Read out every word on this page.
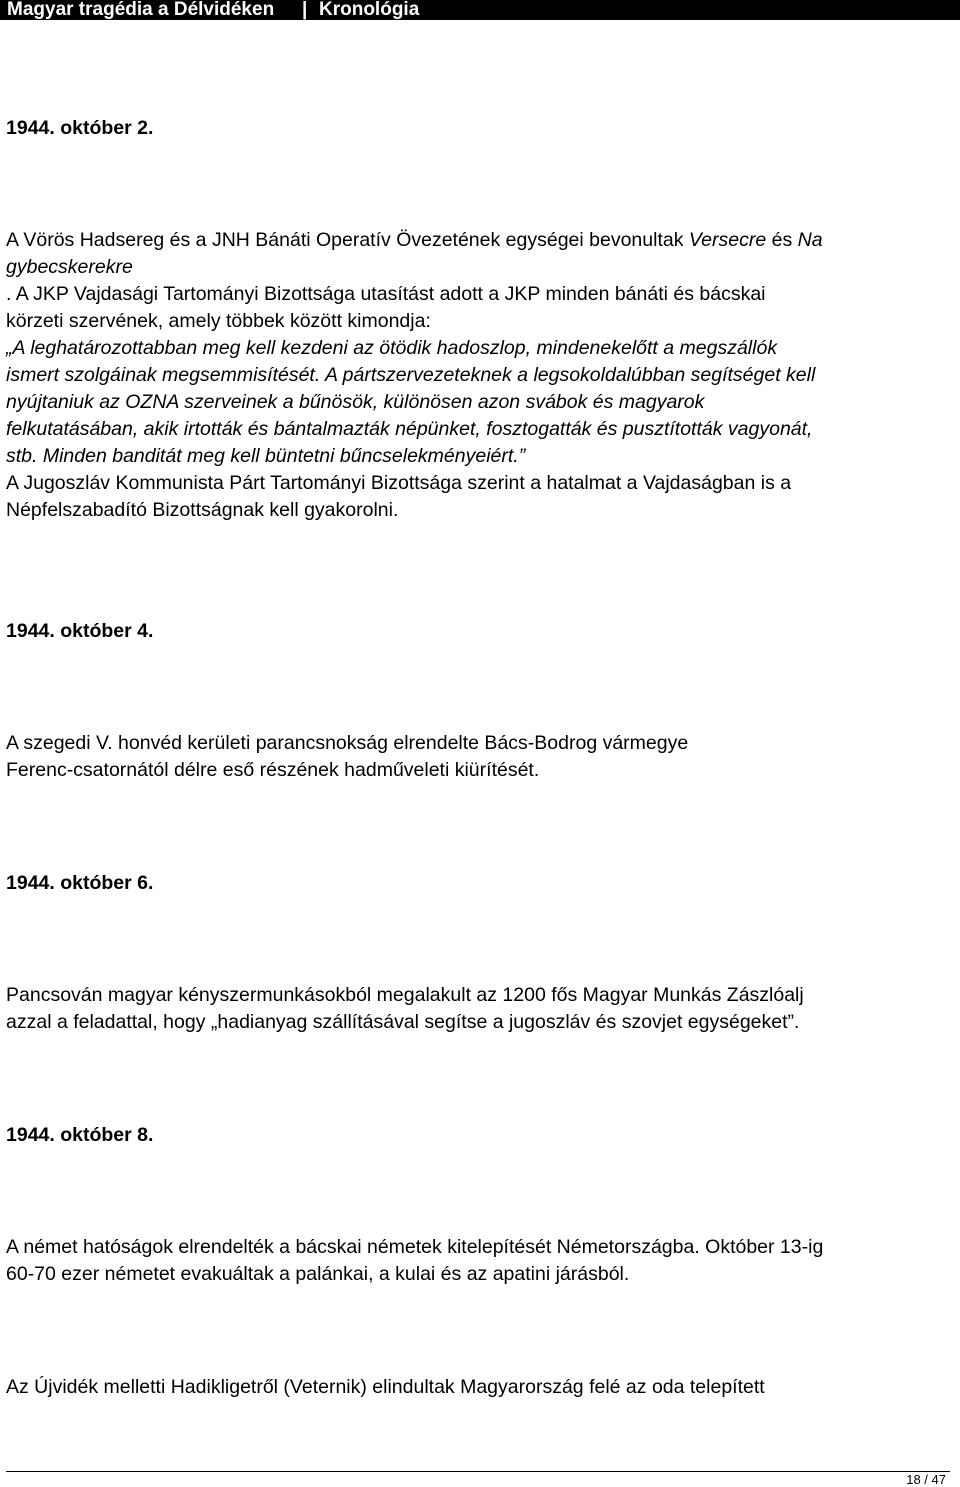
Magyar tragédia a Délvidéken | Kronológia
1944. október 2.
A Vörös Hadsereg és a JNH Bánáti Operatív Övezetének egységei bevonultak Versecre és Na
gybecskerekre
. A JKP Vajdasági Tartományi Bizottsága utasítást adott a JKP minden bánáti és bácskai
körzeti szervének, amely többek között kimondja:
„A leghatározottabban meg kell kezdeni az ötödik hadoszlop, mindenekelőtt a megszállók
ismert szolgáinak megsemmisítését. A pártszervezeteknek a legsokoldalúbban segítséget kell
nyújtaniuk az OZNA szerveinek a bűnösök, különösen azon svábok és magyarok
felkutatásában, akik irtották és bántalmazták népünket, fosztogatták és pusztították vagyonát,
stb. Minden banditát meg kell büntetni bűncselekményeiért.”
A Jugoszláv Kommunista Párt Tartományi Bizottsága szerint a hatalmat a Vajdaságban is a
Népfelszabadító Bizottságnak kell gyakorolni.
1944. október 4.
A szegedi V. honvéd kerületi parancsnokság elrendelte Bács-Bodrog vármegye
Ferenc-csatornától délre eső részének hadműveleti kiürítését.
1944. október 6.
Pancsován magyar kényszermunkásokból megalakult az 1200 fős Magyar Munkás Zászlóalj
azzal a feladattal, hogy „hadianyag szállításával segítse a jugoszláv és szovjet egységeket”.
1944. október 8.
A német hatóságok elrendelték a bácskai németek kitelepítését Németországba. Október 13-ig
60-70 ezer németet evakuáltak a palánkai, a kulai és az apatini járásból.
Az Újvidék melletti Hadikligetről (Veternik) elindultak Magyarország felé az oda telepített
18 / 47
